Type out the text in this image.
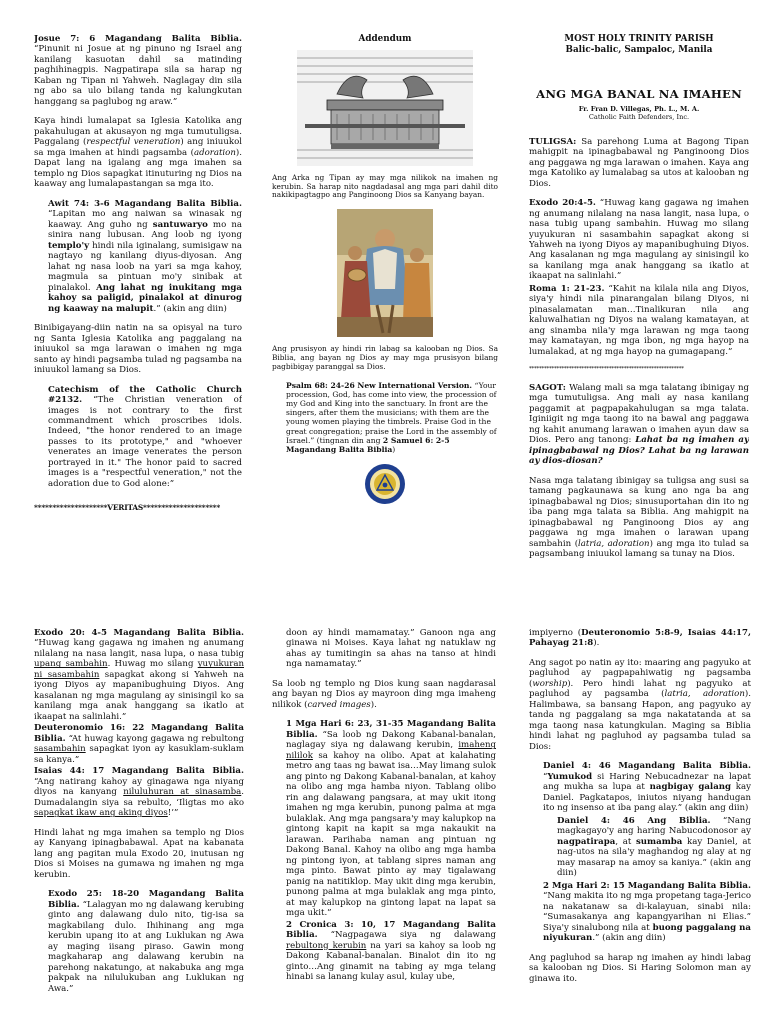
Josue 7: 6 Magandang Balita Biblia. “Pinunit ni Josue at ng pinuno ng Israel ang kanilang kasuotan dahil sa matinding paghihinagpis. Nagpatirapa sila sa harap ng Kaban ng Tipan ni Yahweh. Naglagay din sila ng abo sa ulo bilang tanda ng kalungkutan hanggang sa paglubog ng araw.”

Kaya hindi lumalapat sa Iglesia Katolika ang pakahulugan at akusayon ng mga tumutuligsa. Paggalang (respectful veneration) ang iniuukol sa mga imahen at hindi pagsamba (adoration). Dapat lang na igalang ang mga imahen sa templo ng Dios sapagkat itinuturing ng Dios na kaaway ang lumalapastangan sa mga ito.

Awit 74: 3-6 Magandang Balita Biblia. “Lapitan mo ang naiwan sa winasak ng kaaway. Ang guho ng santuwaryo mo na sinira nang lubusan. Ang loob ng iyong templo'y hindi nila iginalang, sumisigaw na nagtayo ng kanilang diyus-diyosan. Ang lahat ng nasa loob na yari sa mga kahoy, magmula sa pintuan mo'y sinibak at pinalakol. Ang lahat ng inukitang mga kahoy sa paligid, pinalakol at dinurog ng kaaway na malupit.” (akin ang diin)

Binibigayang-diin natin na sa opisyal na turo ng Santa Iglesia Katolika ang paggalang na iniuukol sa mga larawan o imahen ng mga santo ay hindi pagsamba tulad ng pagsamba na iniuukol lamang sa Dios.

Catechism of the Catholic Church #2132. “The Christian veneration of images is not contrary to the first commandment which proscribes idols. Indeed, "the honor rendered to an image passes to its prototype," and "whoever venerates an image venerates the person portrayed in it." The honor paid to sacred images is a "respectful veneration," not the adoration due to God alone:”

********************VERITAS*********************
Addendum

Ang Arka ng Tipan ay may mga nilikok na imahen ng kerubin. Sa harap nito nagdadasal ang mga pari dahil dito nakikipagtagpo ang Panginoong Dios sa Kanyang bayan.

Ang prusisyon ay hindi rin labag sa kalooban ng Dios. Sa Biblia, ang bayan ng Dios ay may mga prusisyon bilang pagbibigay paranggal sa Dios.

Psalm 68: 24-26 New International Version. “Your procession, God, has come into view, the procession of my God and King into the sanctuary. In front are the singers, after them the musicians; with them are the young women playing the timbrels. Praise God in the great congregation; praise the Lord in the assembly of Israel.” (tingnan din ang 2 Samuel 6: 2-5 Magandang Balita Biblia)

MOST HOLY TRINITY PARISH
Balic-balic, Sampaloc, Manila
ANG MGA BANAL NA IMAHEN
Fr. Fran D. Villegas, Ph. L., M. A.
Catholic Faith Defenders, Inc.

TULIGSA: Sa parehong Luma at Bagong Tipan mahigpit na ipinagbabawal ng Panginoong Dios ang paggawa ng mga larawan o imahen. Kaya ang mga Katoliko ay lumalabag sa utos at kalooban ng Dios.

Exodo 20:4-5. “Huwag kang gagawa ng imahen ng anumang nilalang na nasa langit, nasa lupa, o nasa tubig upang sambahin. Huwag mo silang yuyukuran ni sasambahin sapagkat akong si Yahweh na iyong Diyos ay mapanibughuing Diyos. Ang kasalanan ng mga magulang ay sinisingil ko sa kanilang mga anak hanggang sa ikatlo at ikaapat na salinlahi.”

Roma 1: 21-23. “Kahit na kilala nila ang Diyos, siya'y hindi nila pinarangalan bilang Diyos, ni pinasalamatan man…Tinalikuran nila ang kaluwalhatian ng Diyos na walang kamatayan, at ang sinamba nila'y mga larawan ng mga taong may kamatayan, ng mga ibon, ng mga hayop na lumalakad, at ng mga hayop na gumagapang.”

**************************************************************

SAGOT: Walang mali sa mga talatang ibinigay ng mga tumutuligsa. Ang mali ay nasa kanilang paggamit at pagpapakahulugan sa mga talata. Iginiigit ng mga taong ito na bawal ang paggawa ng kahit anumang larawan o imahen ayun daw sa Dios. Pero ang tanong: Lahat ba ng imahen ay ipinagbabawal ng Dios? Lahat ba ng larawan ay dios-diosan?

Nasa mga talatang ibinigay sa tuligsa ang susi sa tamang pagkaunawa sa kung ano nga ba ang ipinagbabawal ng Dios; sinusuportahan din ito ng iba pang mga talata sa Biblia. Ang mahigpit na ipinagbabawal ng Panginoong Dios ay ang paggawa ng mga imahen o larawan upang sambahin (latria, adoration) ang mga ito tulad sa pagsambang iniuukol lamang sa tunay na Dios.

Exodo 20: 4-5 Magandang Balita Biblia. “Huwag kang gagawa ng imahen ng anumang nilalang na nasa langit, nasa lupa, o nasa tubig upang sambahin. Huwag mo silang yuyukuran ni sasambahin sapagkat akong si Yahweh na iyong Diyos ay mapanibughuing Diyos. Ang kasalanan ng mga magulang ay sinisingil ko sa kanilang mga anak hanggang sa ikatlo at ikaapat na salinlahi.”

Deuteronomio 16: 22 Magandang Balita Biblia. “At huwag kayong gagawa ng rebultong sasambahin sapagkat iyon ay kasuklam-suklam sa kanya.”

Isaias 44: 17 Magandang Balita Biblia. “Ang natirang kahoy ay ginagawa nga niyang diyos na kanyang niluluhuran at sinasamba. Dumadalangin siya sa rebulto, ‘Iligtas mo ako sapagkat ikaw ang aking diyos!’”

Hindi lahat ng mga imahen sa templo ng Dios ay Kanyang ipinagbabawal. Apat na kabanata lang ang pagitan mula Exodo 20, inutusan ng Dios si Moises na gumawa ng imahen ng mga kerubin.

Exodo 25: 18-20 Magandang Balita Biblia. “Lalagyan mo ng dalawang kerubing ginto ang dalawang dulo nito, tig-isa sa magkabilang dulo. Ihihinang ang mga kerubin upang ito at ang Luklukan ng Awa ay maging iisang piraso. Gawin mong magkaharap ang dalawang kerubin na parehong nakatungo, at nakabuka ang mga pakpak na nilulukuban ang Luklukan ng Awa.”

doon ay hindi mamamatay.” Ganoon nga ang ginawa ni Moises. Kaya lahat ng natuklaw ng ahas ay tumitingin sa ahas na tanso at hindi nga namamatay.”

Sa loob ng templo ng Dios kung saan nagdarasal ang bayan ng Dios ay mayroon ding mga imaheng nilikok (carved images).

1 Mga Hari 6: 23, 31-35 Magandang Balita Biblia. “Sa loob ng Dakong Kabanal-banalan, naglagay siya ng dalawang kerubin, imaheng nililok sa kahoy na olibo. Apat at kalahating metro ang taas ng bawat isa…May limang sulok ang pinto ng Dakong Kabanal-banalan, at kahoy na olibo ang mga hamba niyon. Tablang olibo rin ang dalawang pangsara, at may ukit itong imahen ng mga kerubin, punong palma at mga bulaklak. Ang mga pangsara'y may kalupkop na gintong kapit na kapit sa mga nakaukit na larawan. Parihaba naman ang pintuan ng Dakong Banal. Kahoy na olibo ang mga hamba ng pintong iyon, at tablang sipres naman ang mga pinto. Bawat pinto ay may tigalawang panig na natitiklop. May ukit ding mga kerubin, punong palma at mga bulaklak ang mga pinto, at may kalupkop na gintong lapat na lapat sa mga ukit.”

2 Cronica 3: 10, 17 Magandang Balita Biblia. “Nagpagawa siya ng dalawang rebultong kerubin na yari sa kahoy sa loob ng Dakong Kabanal-banalan. Binalot din ito ng ginto…Ang ginamit na tabing ay mga telang hinabi sa lanang kulay asul, kulay ube,

impiyerno (Deuteronomio 5:8-9, Isaias 44:17, Pahayag 21:8).

Ang sagot po natin ay ito: maaring ang pagyuko at pagluhod ay pagpapahiwatig ng pagsamba (worship). Pero hindi lahat ng pagyuko at pagluhod ay pagsamba (latria, adoration). Halimbawa, sa bansang Hapon, ang pagyuko ay tanda ng paggalang sa mga nakatatanda at sa mga taong nasa katungkulan. Maging sa Biblia hindi lahat ng pagluhod ay pagsamba tulad sa Dios:

Daniel 4: 46 Magandang Balita Biblia. “Yumukod si Haring Nebucadnezar na lapat ang mukha sa lupa at nagbigay galang kay Daniel. Pagkatapos, iniutos niyang handugan ito ng insenso at iba pang alay.” (akin ang diin)

Daniel 4: 46 Ang Biblia. “Nang magkagayo'y ang haring Nabucodonosor ay nagpatirapa, at sumamba kay Daniel, at nag-utos na sila'y maghandog ng alay at ng may masarap na amoy sa kaniya.” (akin ang diin)

2 Mga Hari 2: 15 Magandang Balita Biblia. “Nang makita ito ng mga propetang taga-Jerico na nakatanaw sa di-kalayuan, sinabi nila: “Sumasakanya ang kapangyarihan ni Elias.” Siya'y sinalubong nila at buong paggalang na niyukuran.” (akin ang diin)

Ang pagluhod sa harap ng imahen ay hindi labag sa kalooban ng Dios. Si Haring Solomon man ay ginawa ito.
